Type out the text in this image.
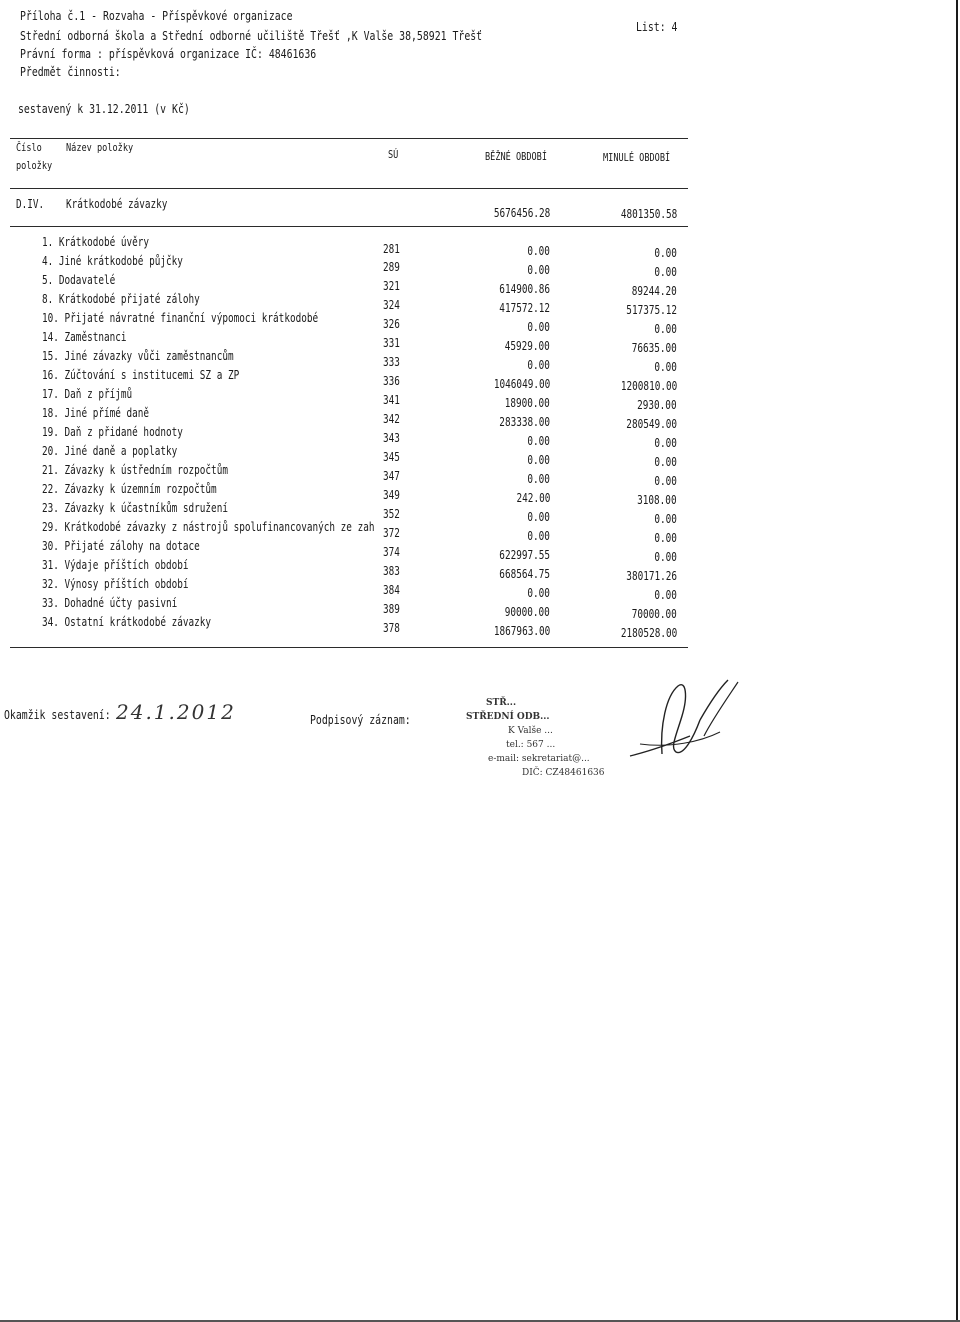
Příloha č.1 - Rozvaha - Příspěvkové organizace
Střední odborná škola a Střední odborné učiliště Třešť ,K Valše 38,58921 Třešť
Právní forma : příspěvková organizace IČ: 48461636
Předmět činnosti:
List: 4
sestavený k 31.12.2011 (v Kč)
Číslo
položky
Název položky
SÚ	BĚŽNÉ OBDOBÍ	MINULÉ OBDOBÍ
D.IV. Krátkodobé závazky
5676456.28	4801350.58
1. Krátkodobé úvěry	281	0.00	0.00
4. Jiné krátkodobé půjčky	289	0.00	0.00
5. Dodavatelé	321	614900.86	89244.20
8. Krátkodobé přijaté zálohy	324	417572.12	517375.12
10. Přijaté návratné finanční výpomoci krátkodobé	326	0.00	0.00
14. Zaměstnanci	331	45929.00	76635.00
15. Jiné závazky vůči zaměstnancům	333	0.00	0.00
16. Zúčtování s institucemi SZ a ZP	336	1046049.00	1200810.00
17. Daň z příjmů	341	18900.00	2930.00
18. Jiné přímé daně	342	283338.00	280549.00
19. Daň z přidané hodnoty	343	0.00	0.00
20. Jiné daně a poplatky	345	0.00	0.00
21. Závazky k ústředním rozpočtům	347	0.00	0.00
22. Závazky k územním rozpočtům	349	242.00	3108.00
23. Závazky k účastníkům sdružení	352	0.00	0.00
29. Krátkodobé závazky z nástrojů spolufinancovaných ze zah 372	0.00	0.00
30. Přijaté zálohy na dotace	374	622997.55	0.00
31. Výdaje příštích období	383	668564.75	380171.26
32. Výnosy příštích období	384	0.00	0.00
33. Dohadné účty pasivní	389	90000.00	70000.00
34. Ostatní krátkodobé závazky	378	1867963.00	2180528.00
Okamžik sestavení: 24.1.2012	Podpisový záznam:
STŘ...
STŘEDNÍ ODB...
K Valše ...
tel.: 567 ...
e-mail: sekretariat@...
DIČ: CZ48461636
